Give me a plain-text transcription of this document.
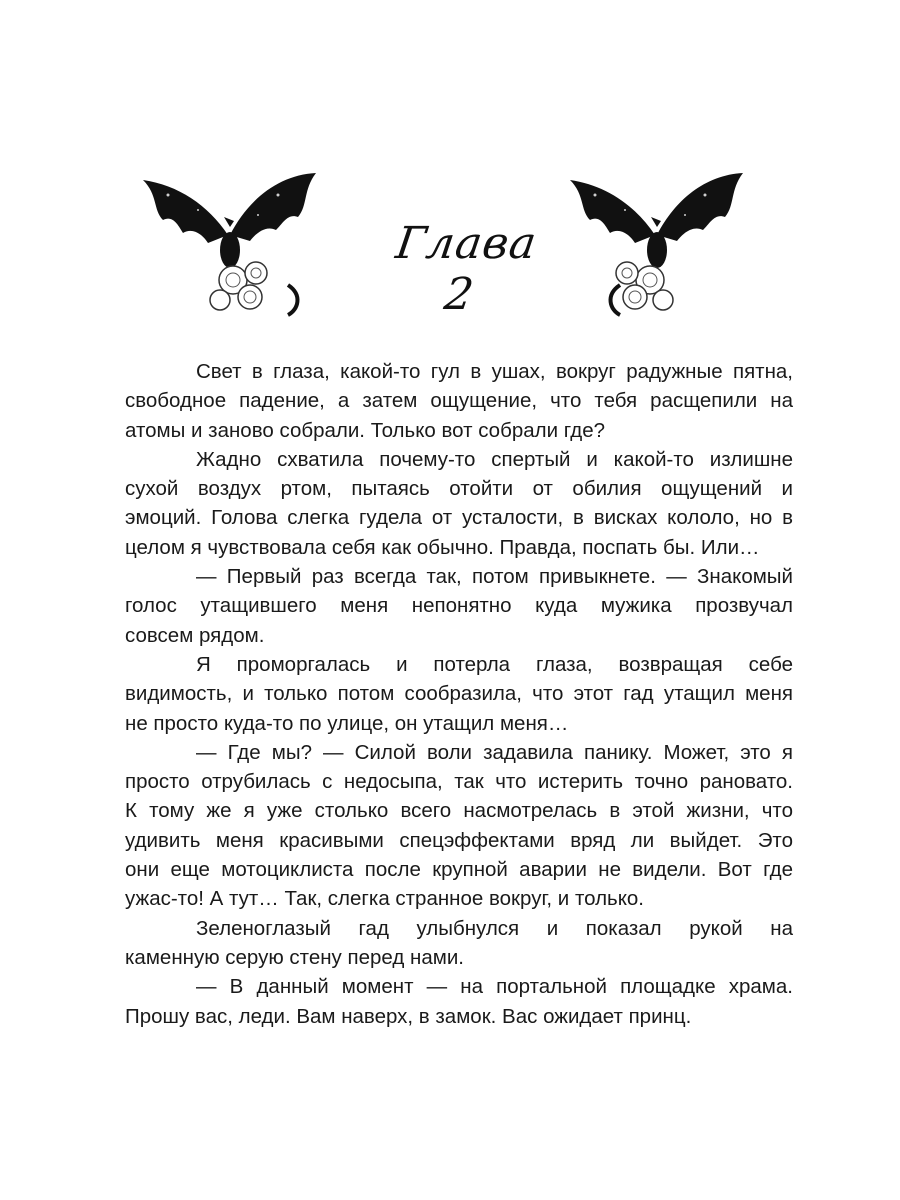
Глава 2
Свет в глаза, какой-то гул в ушах, вокруг радужные пятна,
свободное падение, а затем ощущение, что тебя расщепили на
атомы и заново собрали. Только вот собрали где?
Жадно схватила почему-то спертый и какой-то излишне
сухой воздух ртом, пытаясь отойти от обилия ощущений и
эмоций. Голова слегка гудела от усталости, в висках кололо, но в
целом я чувствовала себя как обычно. Правда, поспать бы. Или…
— Первый раз всегда так, потом привыкнете. — Знакомый
голос утащившего меня непонятно куда мужика прозвучал
совсем рядом.
Я проморгалась и потерла глаза, возвращая себе
видимость, и только потом сообразила, что этот гад утащил меня
не просто куда-то по улице, он утащил меня…
— Где мы? — Силой воли задавила панику. Может, это я
просто отрубилась с недосыпа, так что истерить точно рановато.
К тому же я уже столько всего насмотрелась в этой жизни, что
удивить меня красивыми спецэффектами вряд ли выйдет. Это
они еще мотоциклиста после крупной аварии не видели. Вот где
ужас-то! А тут… Так, слегка странное вокруг, и только.
Зеленоглазый гад улыбнулся и показал рукой на
каменную серую стену перед нами.
— В данный момент — на портальной площадке храма.
Прошу вас, леди. Вам наверх, в замок. Вас ожидает принц.
